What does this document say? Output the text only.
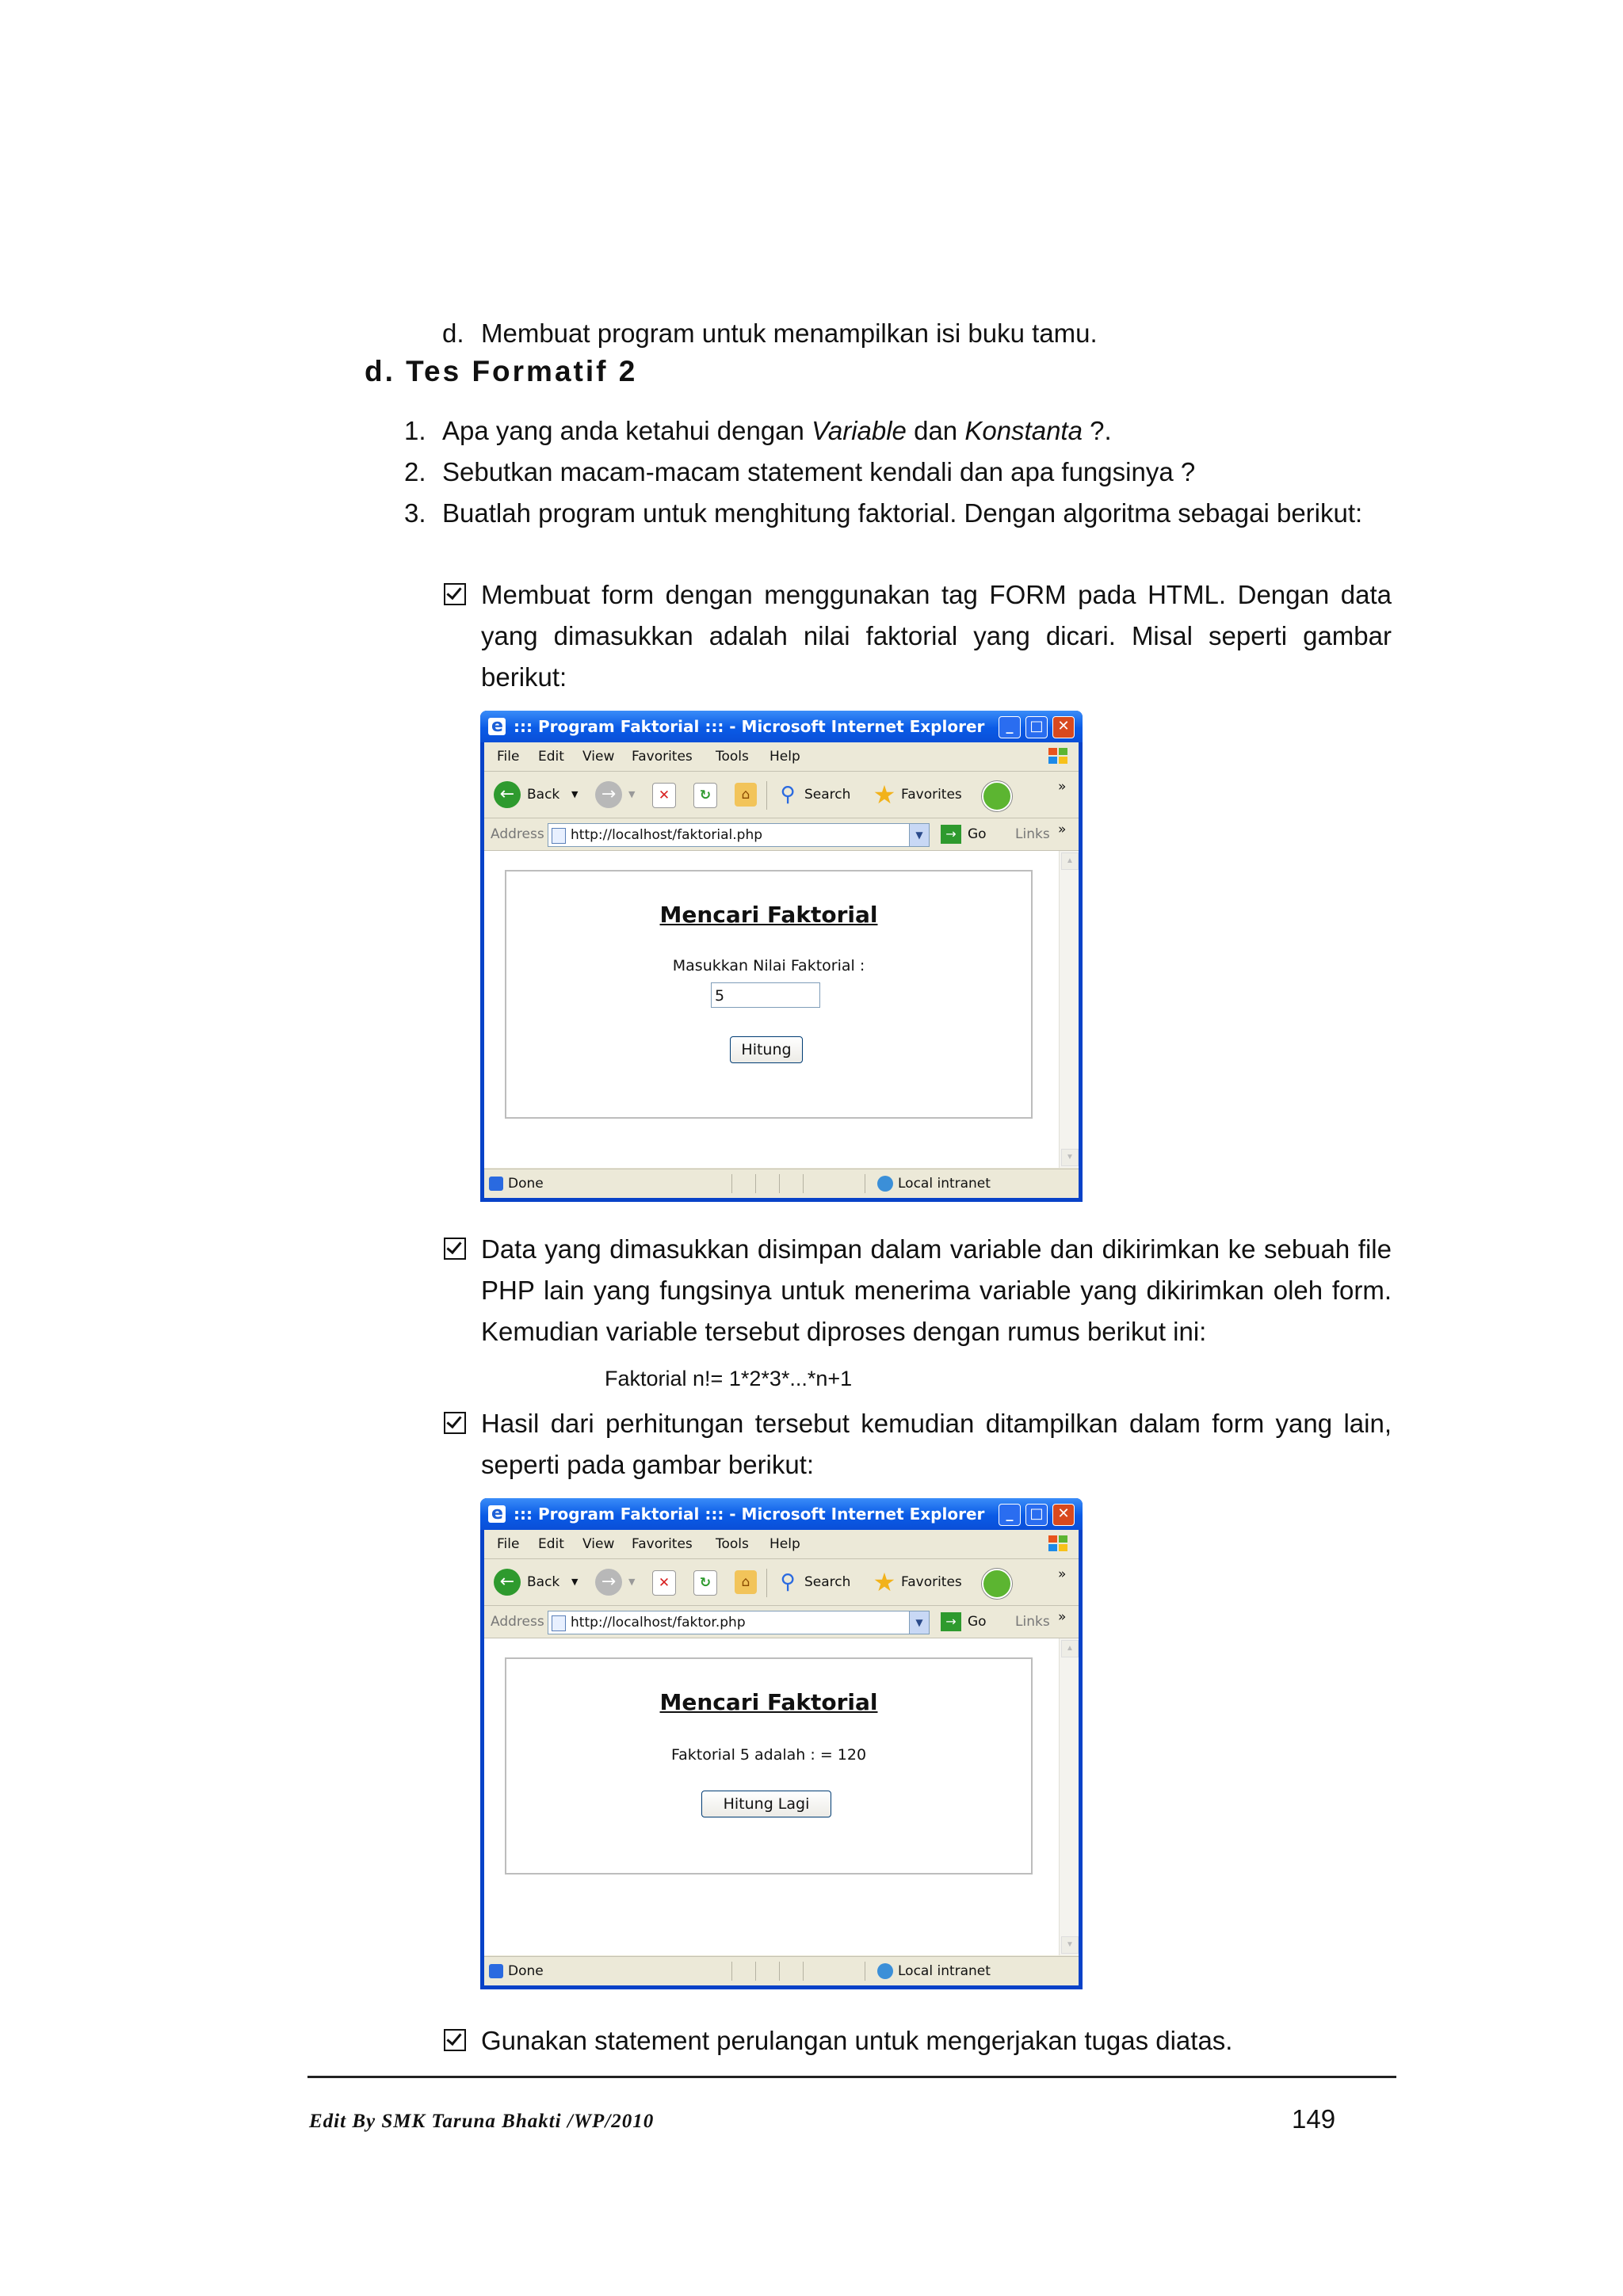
d. Membuat program untuk menampilkan isi buku tamu.
d. Tes Formatif 2
1. Apa yang anda ketahui dengan Variable dan Konstanta ?.
2. Sebutkan macam-macam statement kendali dan apa fungsinya ?
3. Buatlah program untuk menghitung faktorial. Dengan algoritma sebagai berikut:
Membuat form dengan menggunakan tag FORM pada HTML. Dengan data yang dimasukkan adalah nilai faktorial yang dicari. Misal seperti gambar berikut:
e
::: Program Faktorial ::: - Microsoft Internet Explorer	_	□ ✕
File Edit View Favorites Tools Help
← Back ▼	→	▼	✕	↻	⌂	⚲ Search ★ Favorites	»
Address http://localhost/faktorial.php	▼	→ Go Links »
Mencari Faktorial
Masukkan Nilai Faktorial :
5
Hitung
▲
▼
Done	Local intranet
Data yang dimasukkan disimpan dalam variable dan dikirimkan ke sebuah file PHP lain yang fungsinya untuk menerima variable yang dikirimkan oleh form. Kemudian variable tersebut diproses dengan rumus berikut ini:
Faktorial n!= 1*2*3*...*n+1
Hasil dari perhitungan tersebut kemudian ditampilkan dalam form yang lain, seperti pada gambar berikut:
e
::: Program Faktorial ::: - Microsoft Internet Explorer	_	□ ✕
File Edit View Favorites Tools Help
← Back ▼	→	▼	✕	↻	⌂	⚲ Search ★ Favorites	»
Address http://localhost/faktor.php	▼	→ Go Links »
Mencari Faktorial
Faktorial 5 adalah : = 120
Hitung Lagi
▲
▼
Done	Local intranet
Gunakan statement perulangan untuk mengerjakan tugas diatas.
Edit By SMK Taruna Bhakti /WP/2010	149
